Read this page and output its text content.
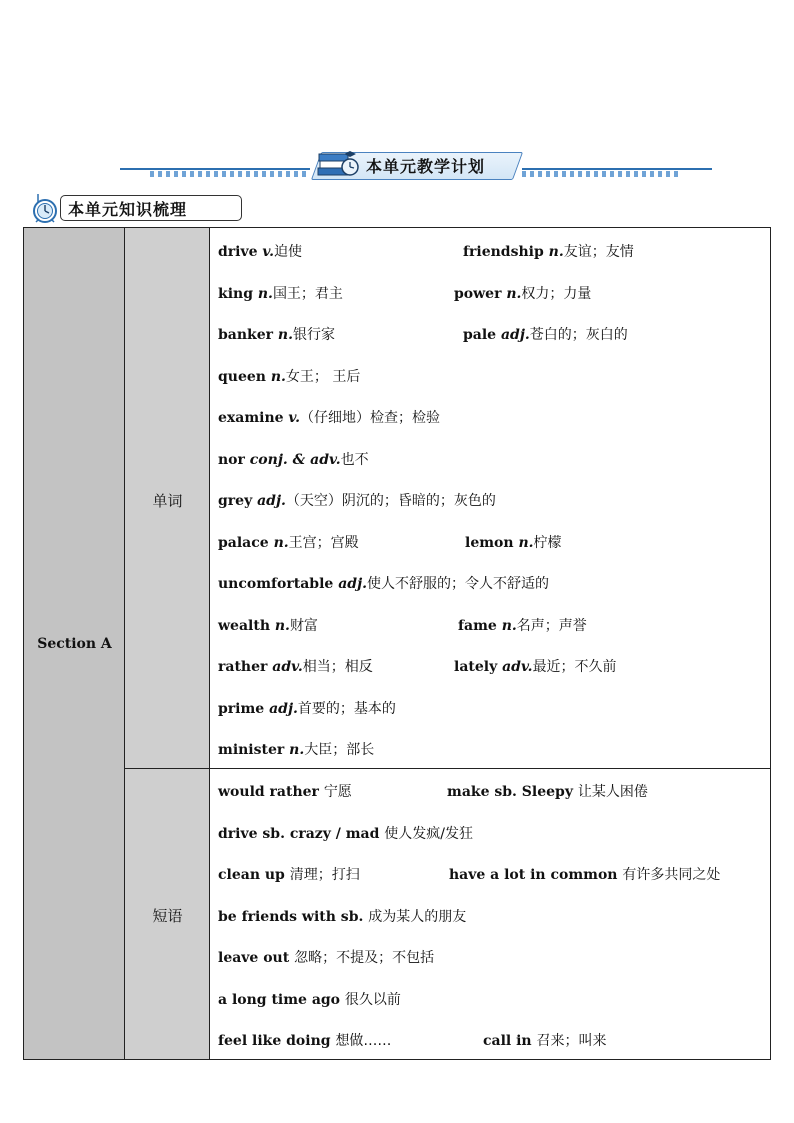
本单元教学计划
本单元知识梳理
Section A
单词
drive v.迫使	friendship n.友谊；友情
king n.国王；君主	power n.权力；力量
banker n.银行家	pale adj.苍白的；灰白的
queen n.女王； 王后
examine v.（仔细地）检查；检验
nor conj. & adv.也不
grey adj.（天空）阴沉的；昏暗的；灰色的
palace n.王宫；宫殿	lemon n.柠檬
uncomfortable adj.使人不舒服的；令人不舒适的
wealth n.财富	fame n.名声；声誉
rather adv.相当；相反	lately adv.最近；不久前
prime adj.首要的；基本的
minister n.大臣；部长
短语
would rather 宁愿	make sb. Sleepy 让某人困倦
drive sb. crazy / mad 使人发疯/发狂
clean up 清理；打扫	have a lot in common 有许多共同之处
be friends with sb. 成为某人的朋友
leave out 忽略；不提及；不包括
a long time ago 很久以前
feel like doing 想做……	call in 召来；叫来
